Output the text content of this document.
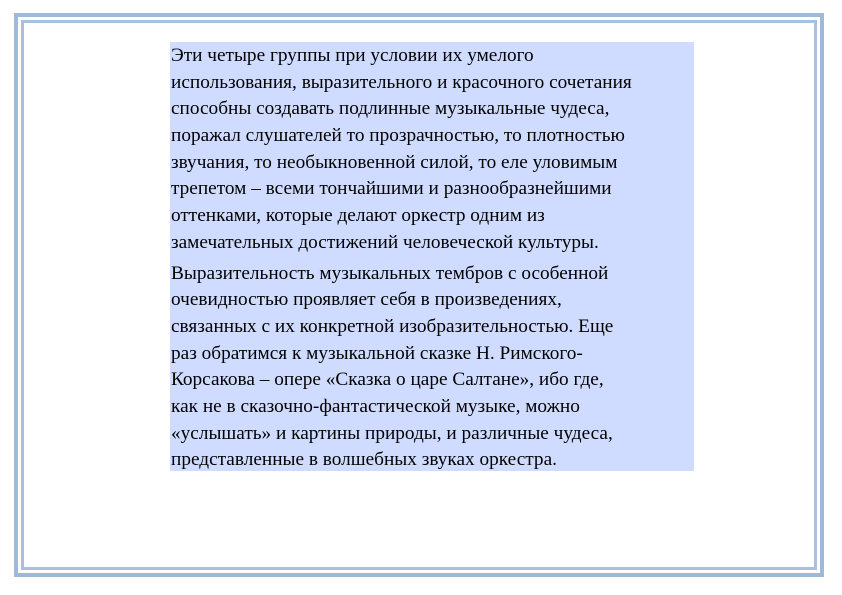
Эти четыре группы при условии их умелого
использования, выразительного и красочного сочетания
способны создавать подлинные музыкальные чудеса,
поражал слушателей то прозрачностью, то плотностью
звучания, то необыкновенной силой, то еле уловимым
трепетом – всеми тончайшими и разнообразнейшими
оттенками, которые делают оркестр одним из
замечательных достижений человеческой культуры.

Выразительность музыкальных тембров с особенной
очевидностью проявляет себя в произведениях,
связанных с их конкретной изобразительностью. Еще
раз обратимся к музыкальной сказке Н. Римского-
Корсакова – опере «Сказка о царе Салтане», ибо где,
как не в сказочно-фантастической музыке, можно
«услышать» и картины природы, и различные чудеса,
представленные в волшебных звуках оркестра.
